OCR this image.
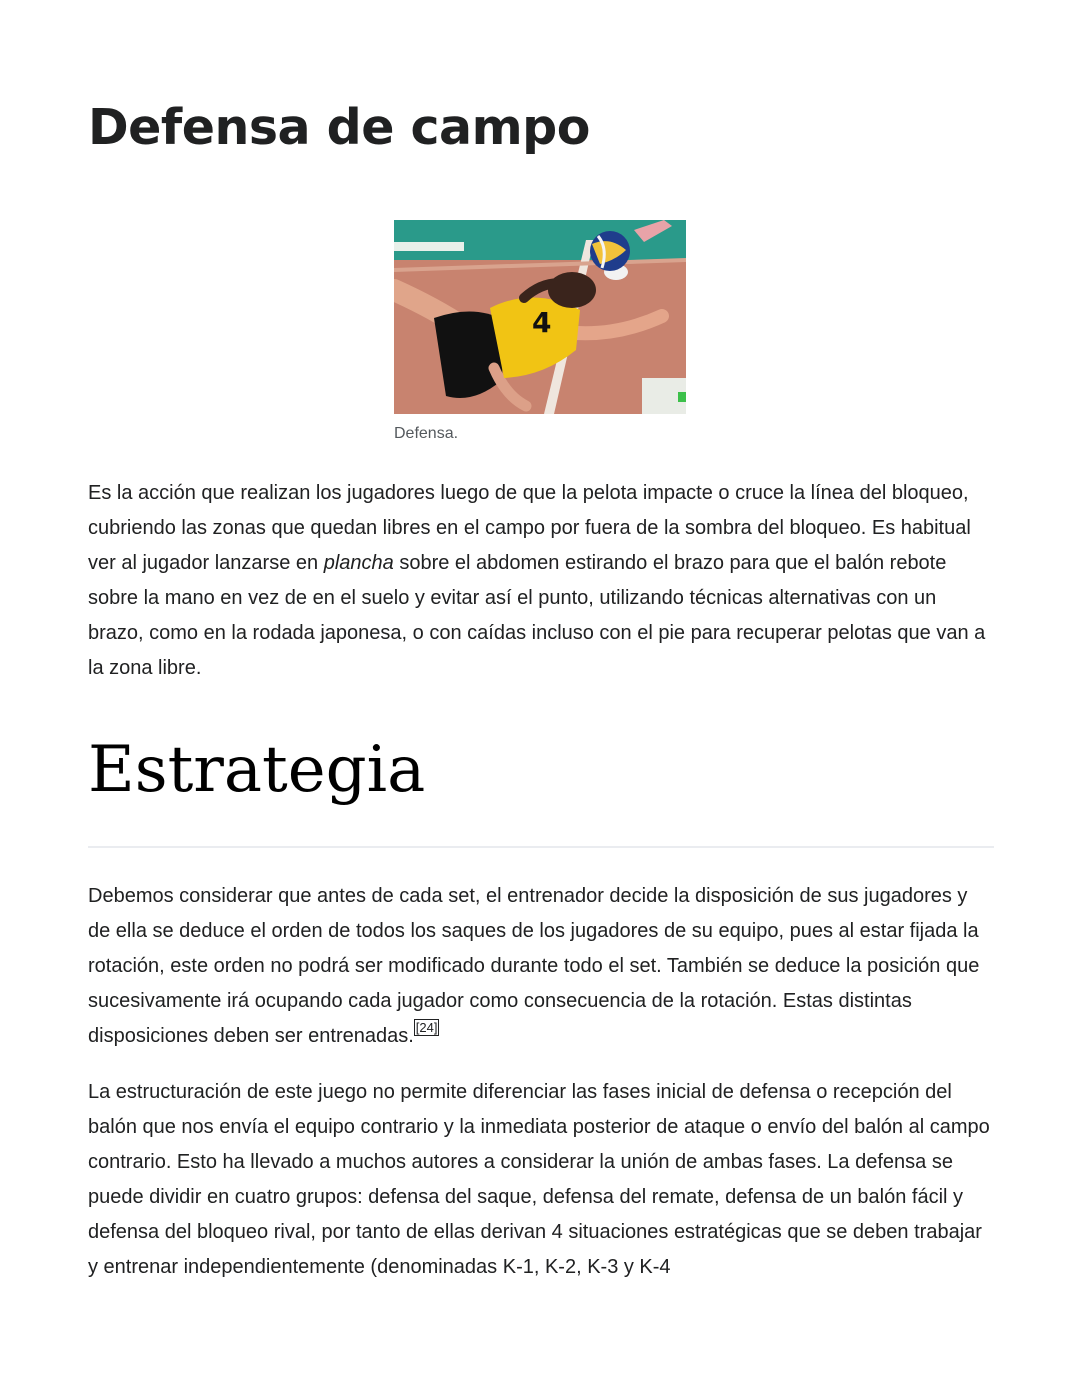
Defensa de campo
4
Defensa.

Es la acción que realizan los jugadores luego de que la pelota impacte o cruce la línea del bloqueo, cubriendo las zonas que quedan libres en el campo por fuera de la sombra del bloqueo. Es habitual ver al jugador lanzarse en plancha sobre el abdomen estirando el brazo para que el balón rebote sobre la mano en vez de en el suelo y evitar así el punto, utilizando técnicas alternativas con un brazo, como en la rodada japonesa, o con caídas incluso con el pie para recuperar pelotas que van a la zona libre.

Estrategia

Debemos considerar que antes de cada set, el entrenador decide la disposición de sus jugadores y de ella se deduce el orden de todos los saques de los jugadores de su equipo, pues al estar fijada la rotación, este orden no podrá ser modificado durante todo el set. También se deduce la posición que sucesivamente irá ocupando cada jugador como consecuencia de la rotación. Estas distintas disposiciones deben ser entrenadas. [24]

La estructuración de este juego no permite diferenciar las fases inicial de defensa o recepción del balón que nos envía el equipo contrario y la inmediata posterior de ataque o envío del balón al campo contrario. Esto ha llevado a muchos autores a considerar la unión de ambas fases. La defensa se puede dividir en cuatro grupos: defensa del saque, defensa del remate, defensa de un balón fácil y defensa del bloqueo rival, por tanto de ellas derivan 4 situaciones estratégicas que se deben trabajar y entrenar independientemente (denominadas K-1, K-2, K-3 y K-4
